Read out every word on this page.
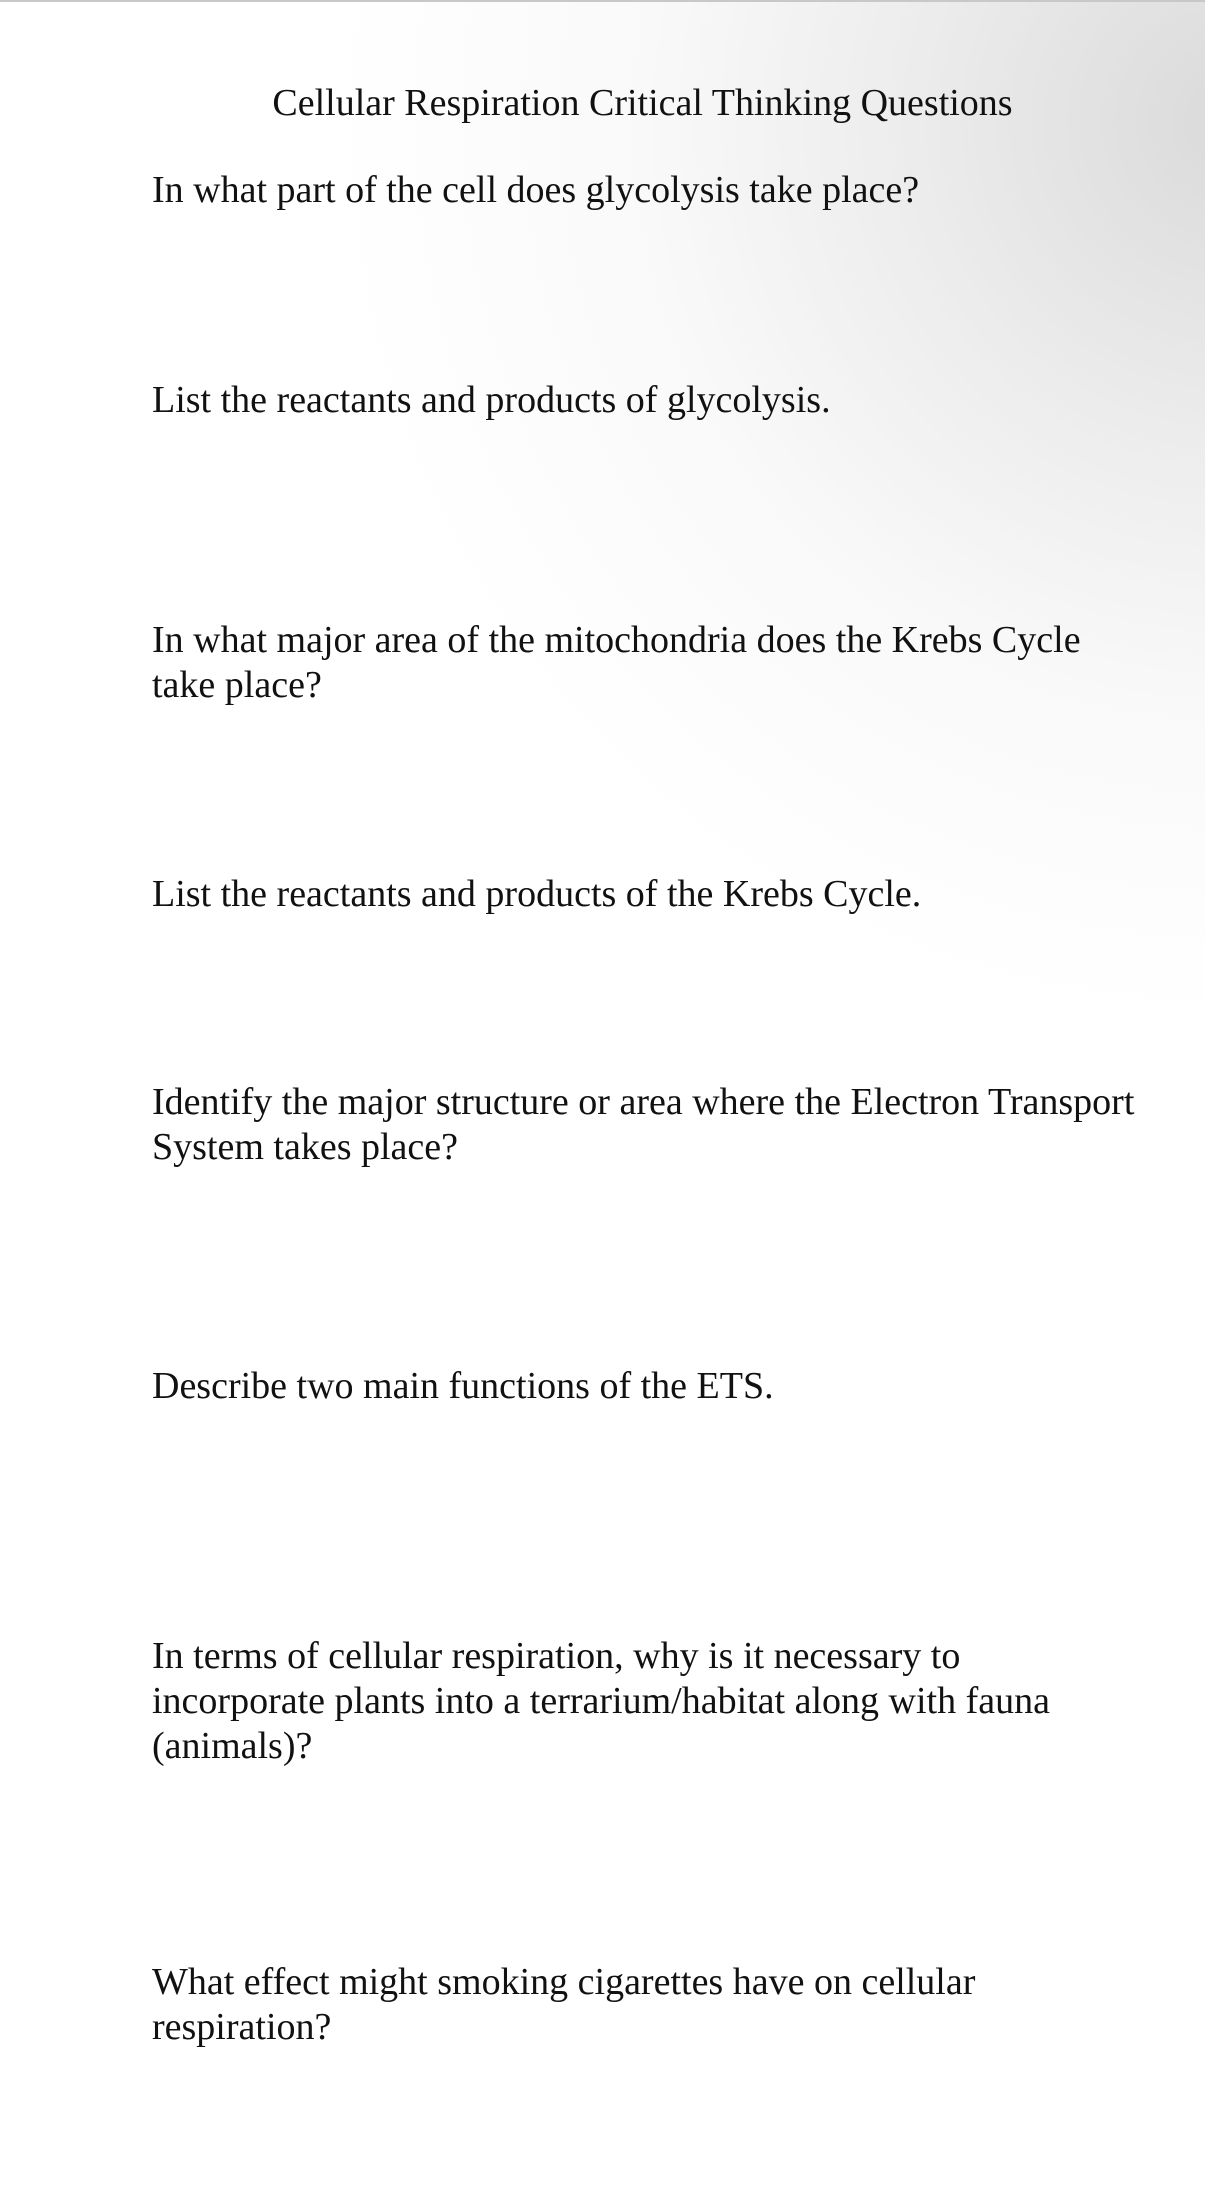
Cellular Respiration Critical Thinking Questions
In what part of the cell does glycolysis take place?
List the reactants and products of glycolysis.
In what major area of the mitochondria does the Krebs Cycle
take place?
List the reactants and products of the Krebs Cycle.
Identify the major structure or area where the Electron Transport
System takes place?
Describe two main functions of the ETS.
In terms of cellular respiration, why is it necessary to
incorporate plants into a terrarium/habitat along with fauna
(animals)?
What effect might smoking cigarettes have on cellular
respiration?
